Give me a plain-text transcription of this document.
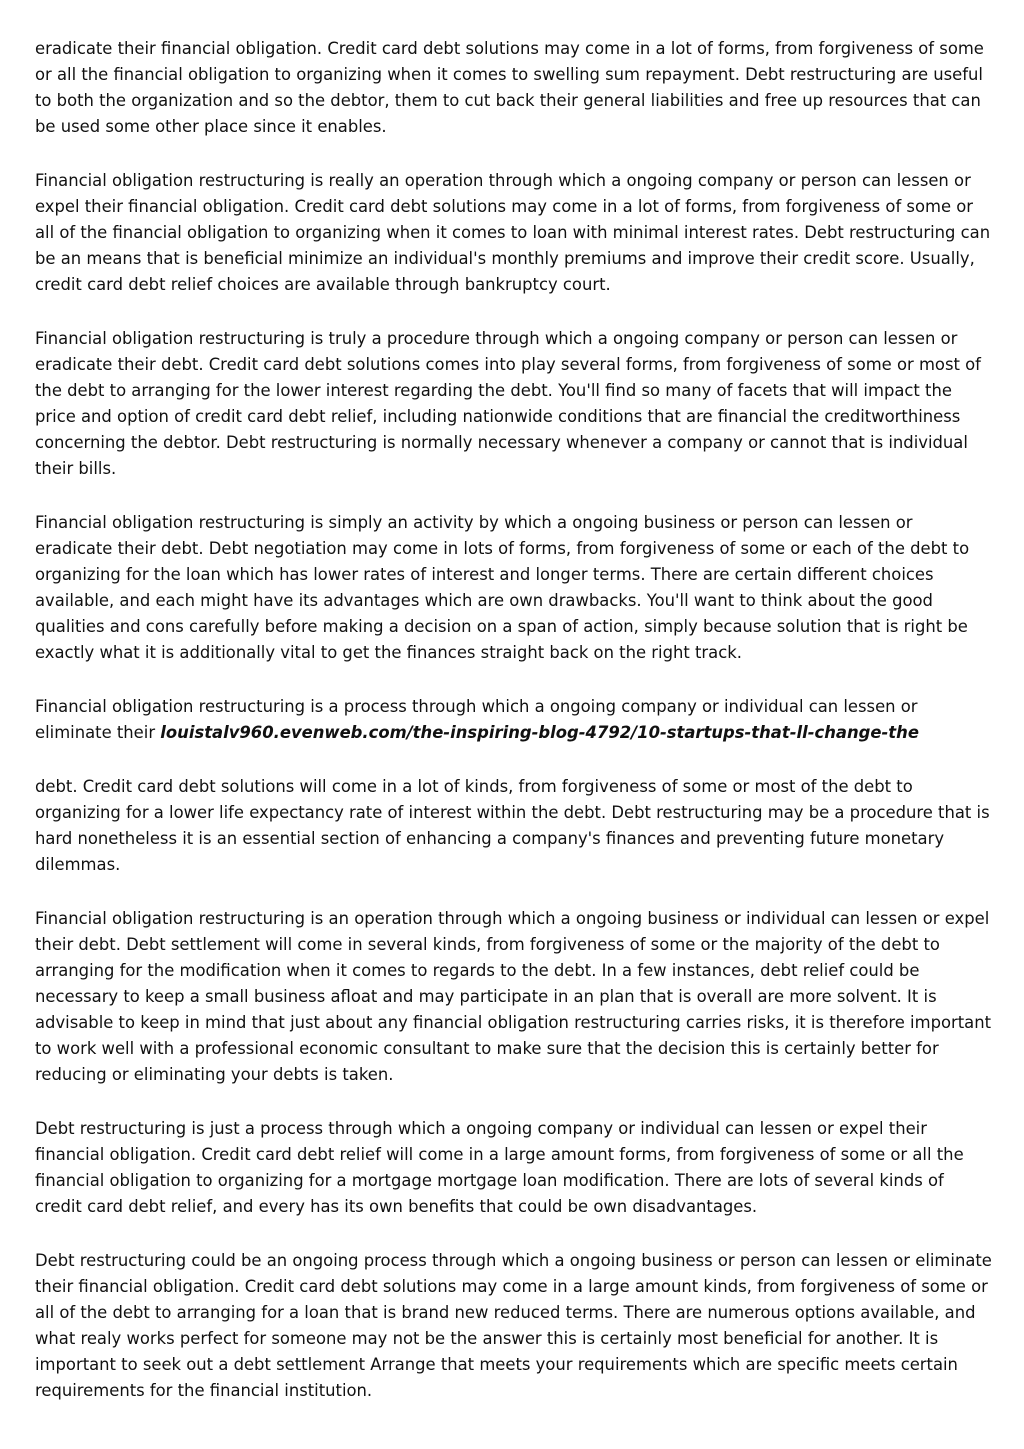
eradicate their financial obligation. Credit card debt solutions may come in a lot of forms, from forgiveness of some or all the financial obligation to organizing when it comes to swelling sum repayment. Debt restructuring are useful to both the organization and so the debtor, them to cut back their general liabilities and free up resources that can be used some other place since it enables.

Financial obligation restructuring is really an operation through which a ongoing company or person can lessen or expel their financial obligation. Credit card debt solutions may come in a lot of forms, from forgiveness of some or all of the financial obligation to organizing when it comes to loan with minimal interest rates. Debt restructuring can be an means that is beneficial minimize an individual's monthly premiums and improve their credit score. Usually, credit card debt relief choices are available through bankruptcy court.

Financial obligation restructuring is truly a procedure through which a ongoing company or person can lessen or eradicate their debt. Credit card debt solutions comes into play several forms, from forgiveness of some or most of the debt to arranging for the lower interest regarding the debt. You'll find so many of facets that will impact the price and option of credit card debt relief, including nationwide conditions that are financial the creditworthiness concerning the debtor. Debt restructuring is normally necessary whenever a company or cannot that is individual their bills.

Financial obligation restructuring is simply an activity by which a ongoing business or person can lessen or eradicate their debt. Debt negotiation may come in lots of forms, from forgiveness of some or each of the debt to organizing for the loan which has lower rates of interest and longer terms. There are certain different choices available, and each might have its advantages which are own drawbacks. You'll want to think about the good qualities and cons carefully before making a decision on a span of action, simply because solution that is right be exactly what it is additionally vital to get the finances straight back on the right track.

Financial obligation restructuring is a process through which a ongoing company or individual can lessen or eliminate their louistalv960.evenweb.com/the-inspiring-blog-4792/10-startups-that-ll-change-the

debt. Credit card debt solutions will come in a lot of kinds, from forgiveness of some or most of the debt to organizing for a lower life expectancy rate of interest within the debt. Debt restructuring may be a procedure that is hard nonetheless it is an essential section of enhancing a company's finances and preventing future monetary dilemmas.

Financial obligation restructuring is an operation through which a ongoing business or individual can lessen or expel their debt. Debt settlement will come in several kinds, from forgiveness of some or the majority of the debt to arranging for the modification when it comes to regards to the debt. In a few instances, debt relief could be necessary to keep a small business afloat and may participate in an plan that is overall are more solvent. It is advisable to keep in mind that just about any financial obligation restructuring carries risks, it is therefore important to work well with a professional economic consultant to make sure that the decision this is certainly better for reducing or eliminating your debts is taken.

Debt restructuring is just a process through which a ongoing company or individual can lessen or expel their financial obligation. Credit card debt relief will come in a large amount forms, from forgiveness of some or all the financial obligation to organizing for a mortgage mortgage loan modification. There are lots of several kinds of credit card debt relief, and every has its own benefits that could be own disadvantages.

Debt restructuring could be an ongoing process through which a ongoing business or person can lessen or eliminate their financial obligation. Credit card debt solutions may come in a large amount kinds, from forgiveness of some or all of the debt to arranging for a loan that is brand new reduced terms. There are numerous options available, and what realy works perfect for someone may not be the answer this is certainly most beneficial for another. It is important to seek out a debt settlement Arrange that meets your requirements which are specific meets certain requirements for the financial institution.
